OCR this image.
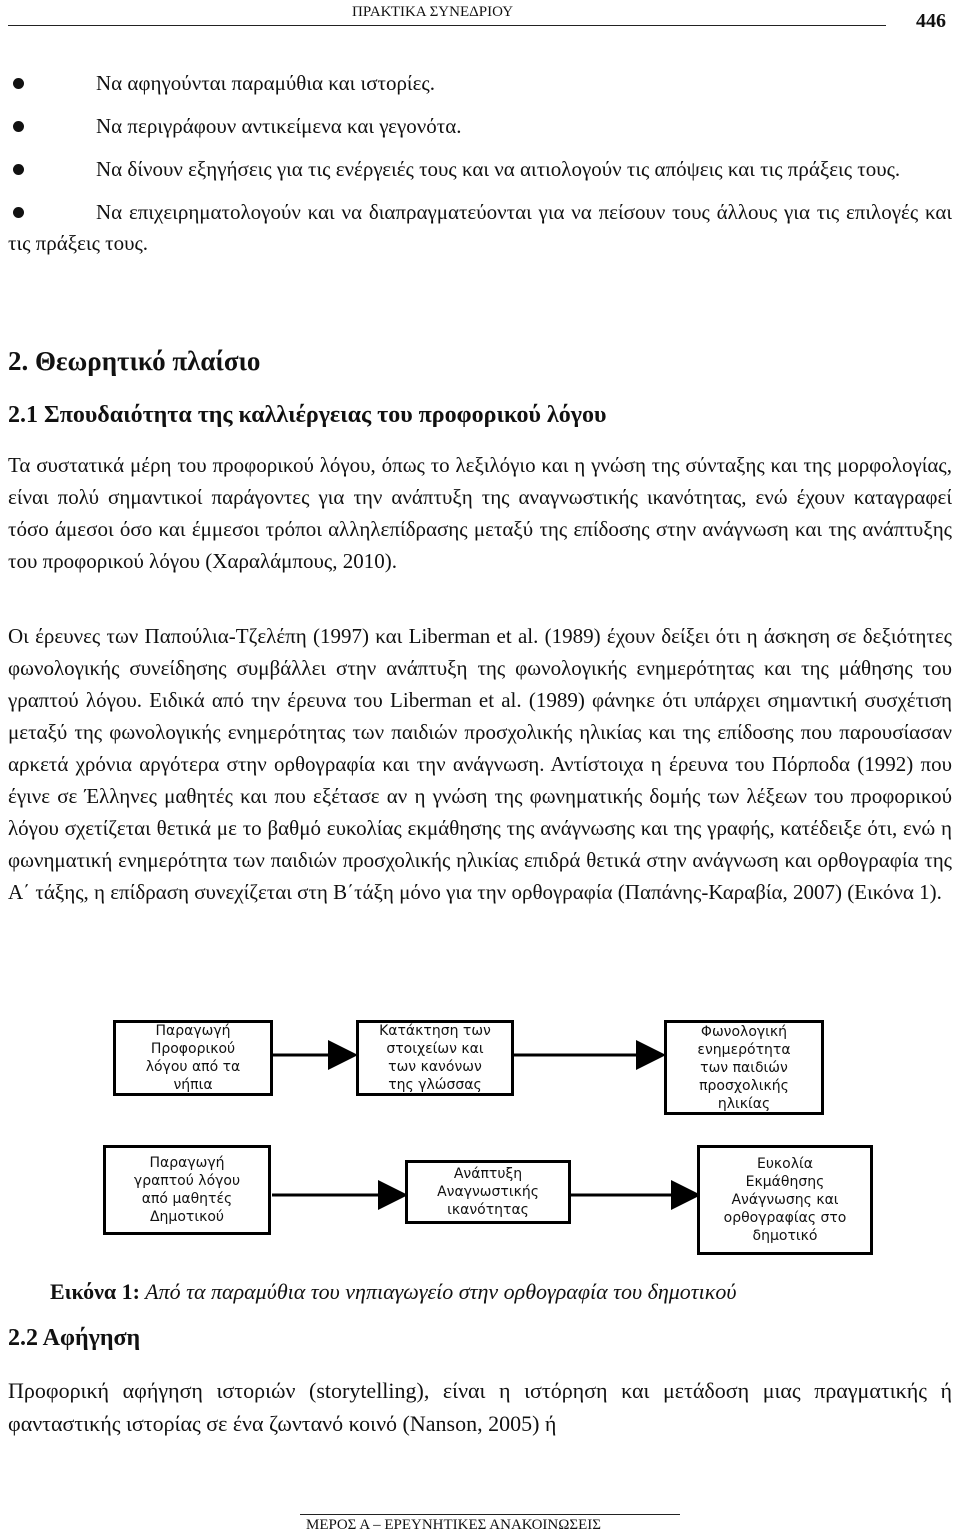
ΠΡΑΚΤΙΚΑ ΣΥΝΕΔΡΙΟΥ	446
Να αφηγούνται παραμύθια και ιστορίες.
Να περιγράφουν αντικείμενα και γεγονότα.
Να δίνουν εξηγήσεις για τις ενέργειές τους και να αιτιολογούν τις απόψεις και τις πράξεις τους.
Να επιχειρηματολογούν και να διαπραγματεύονται για να πείσουν τους άλλους για τις επιλογές και τις πράξεις τους.
2. Θεωρητικό πλαίσιο
2.1 Σπουδαιότητα της καλλιέργειας του προφορικού λόγου

Τα συστατικά μέρη του προφορικού λόγου, όπως το λεξιλόγιο και η γνώση της σύνταξης και της μορφολογίας, είναι πολύ σημαντικοί παράγοντες για την ανάπτυξη της αναγνωστικής ικανότητας, ενώ έχουν καταγραφεί τόσο άμεσοι όσο και έμμεσοι τρόποι αλληλεπίδρασης μεταξύ της επίδοσης στην ανάγνωση και της ανάπτυξης του προφορικού λόγου (Χαραλάμπους, 2010).

Οι έρευνες των Παπούλια-Τζελέπη (1997) και Liberman et al. (1989) έχουν δείξει ότι η άσκηση σε δεξιότητες φωνολογικής συνείδησης συμβάλλει στην ανάπτυξη της φωνολογικής ενημερότητας και της μάθησης του γραπτού λόγου. Ειδικά από την έρευνα του Liberman et al. (1989) φάνηκε ότι υπάρχει σημαντική συσχέτιση μεταξύ της φωνολογικής ενημερότητας των παιδιών προσχολικής ηλικίας και της επίδοσης που παρουσίασαν αρκετά χρόνια αργότερα στην ορθογραφία και την ανάγνωση. Αντίστοιχα η έρευνα του Πόρποδα (1992) που έγινε σε Έλληνες μαθητές και που εξέτασε αν η γνώση της φωνηματικής δομής των λέξεων του προφορικού λόγου σχετίζεται θετικά με το βαθμό ευκολίας εκμάθησης της ανάγνωσης και της γραφής, κατέδειξε ότι, ενώ η φωνηματική ενημερότητα των παιδιών προσχολικής ηλικίας επιδρά θετικά στην ανάγνωση και ορθογραφία της Α΄ τάξης, η επίδραση συνεχίζεται στη Β΄τάξη μόνο για την ορθογραφία (Παπάνης-Καραβία, 2007) (Εικόνα 1).

Παραγωγή
Προφορικού
λόγου από τα
νήπια
Κατάκτηση των
στοιχείων και
των κανόνων
της γλώσσας
Φωνολογική
ενημερότητα
των παιδιών
προσχολικής
ηλικίας
Παραγωγή
γραπτού λόγου
από μαθητές
Δημοτικού
Ανάπτυξη
Αναγνωστικής
ικανότητας
Ευκολία
Εκμάθησης
Ανάγνωσης και
ορθογραφίας στο
δημοτικό
Εικόνα 1: Από τα παραμύθια του νηπιαγωγείο στην ορθογραφία του δημοτικού
2.2 Αφήγηση

Προφορική αφήγηση ιστοριών (storytelling), είναι η ιστόρηση και μετάδοση μιας πραγματικής ή φανταστικής ιστορίας σε ένα ζωντανό κοινό (Nanson, 2005) ή

ΜΕΡΟΣ Α – ΕΡΕΥΝΗΤΙΚΕΣ ΑΝΑΚΟΙΝΩΣΕΙΣ
